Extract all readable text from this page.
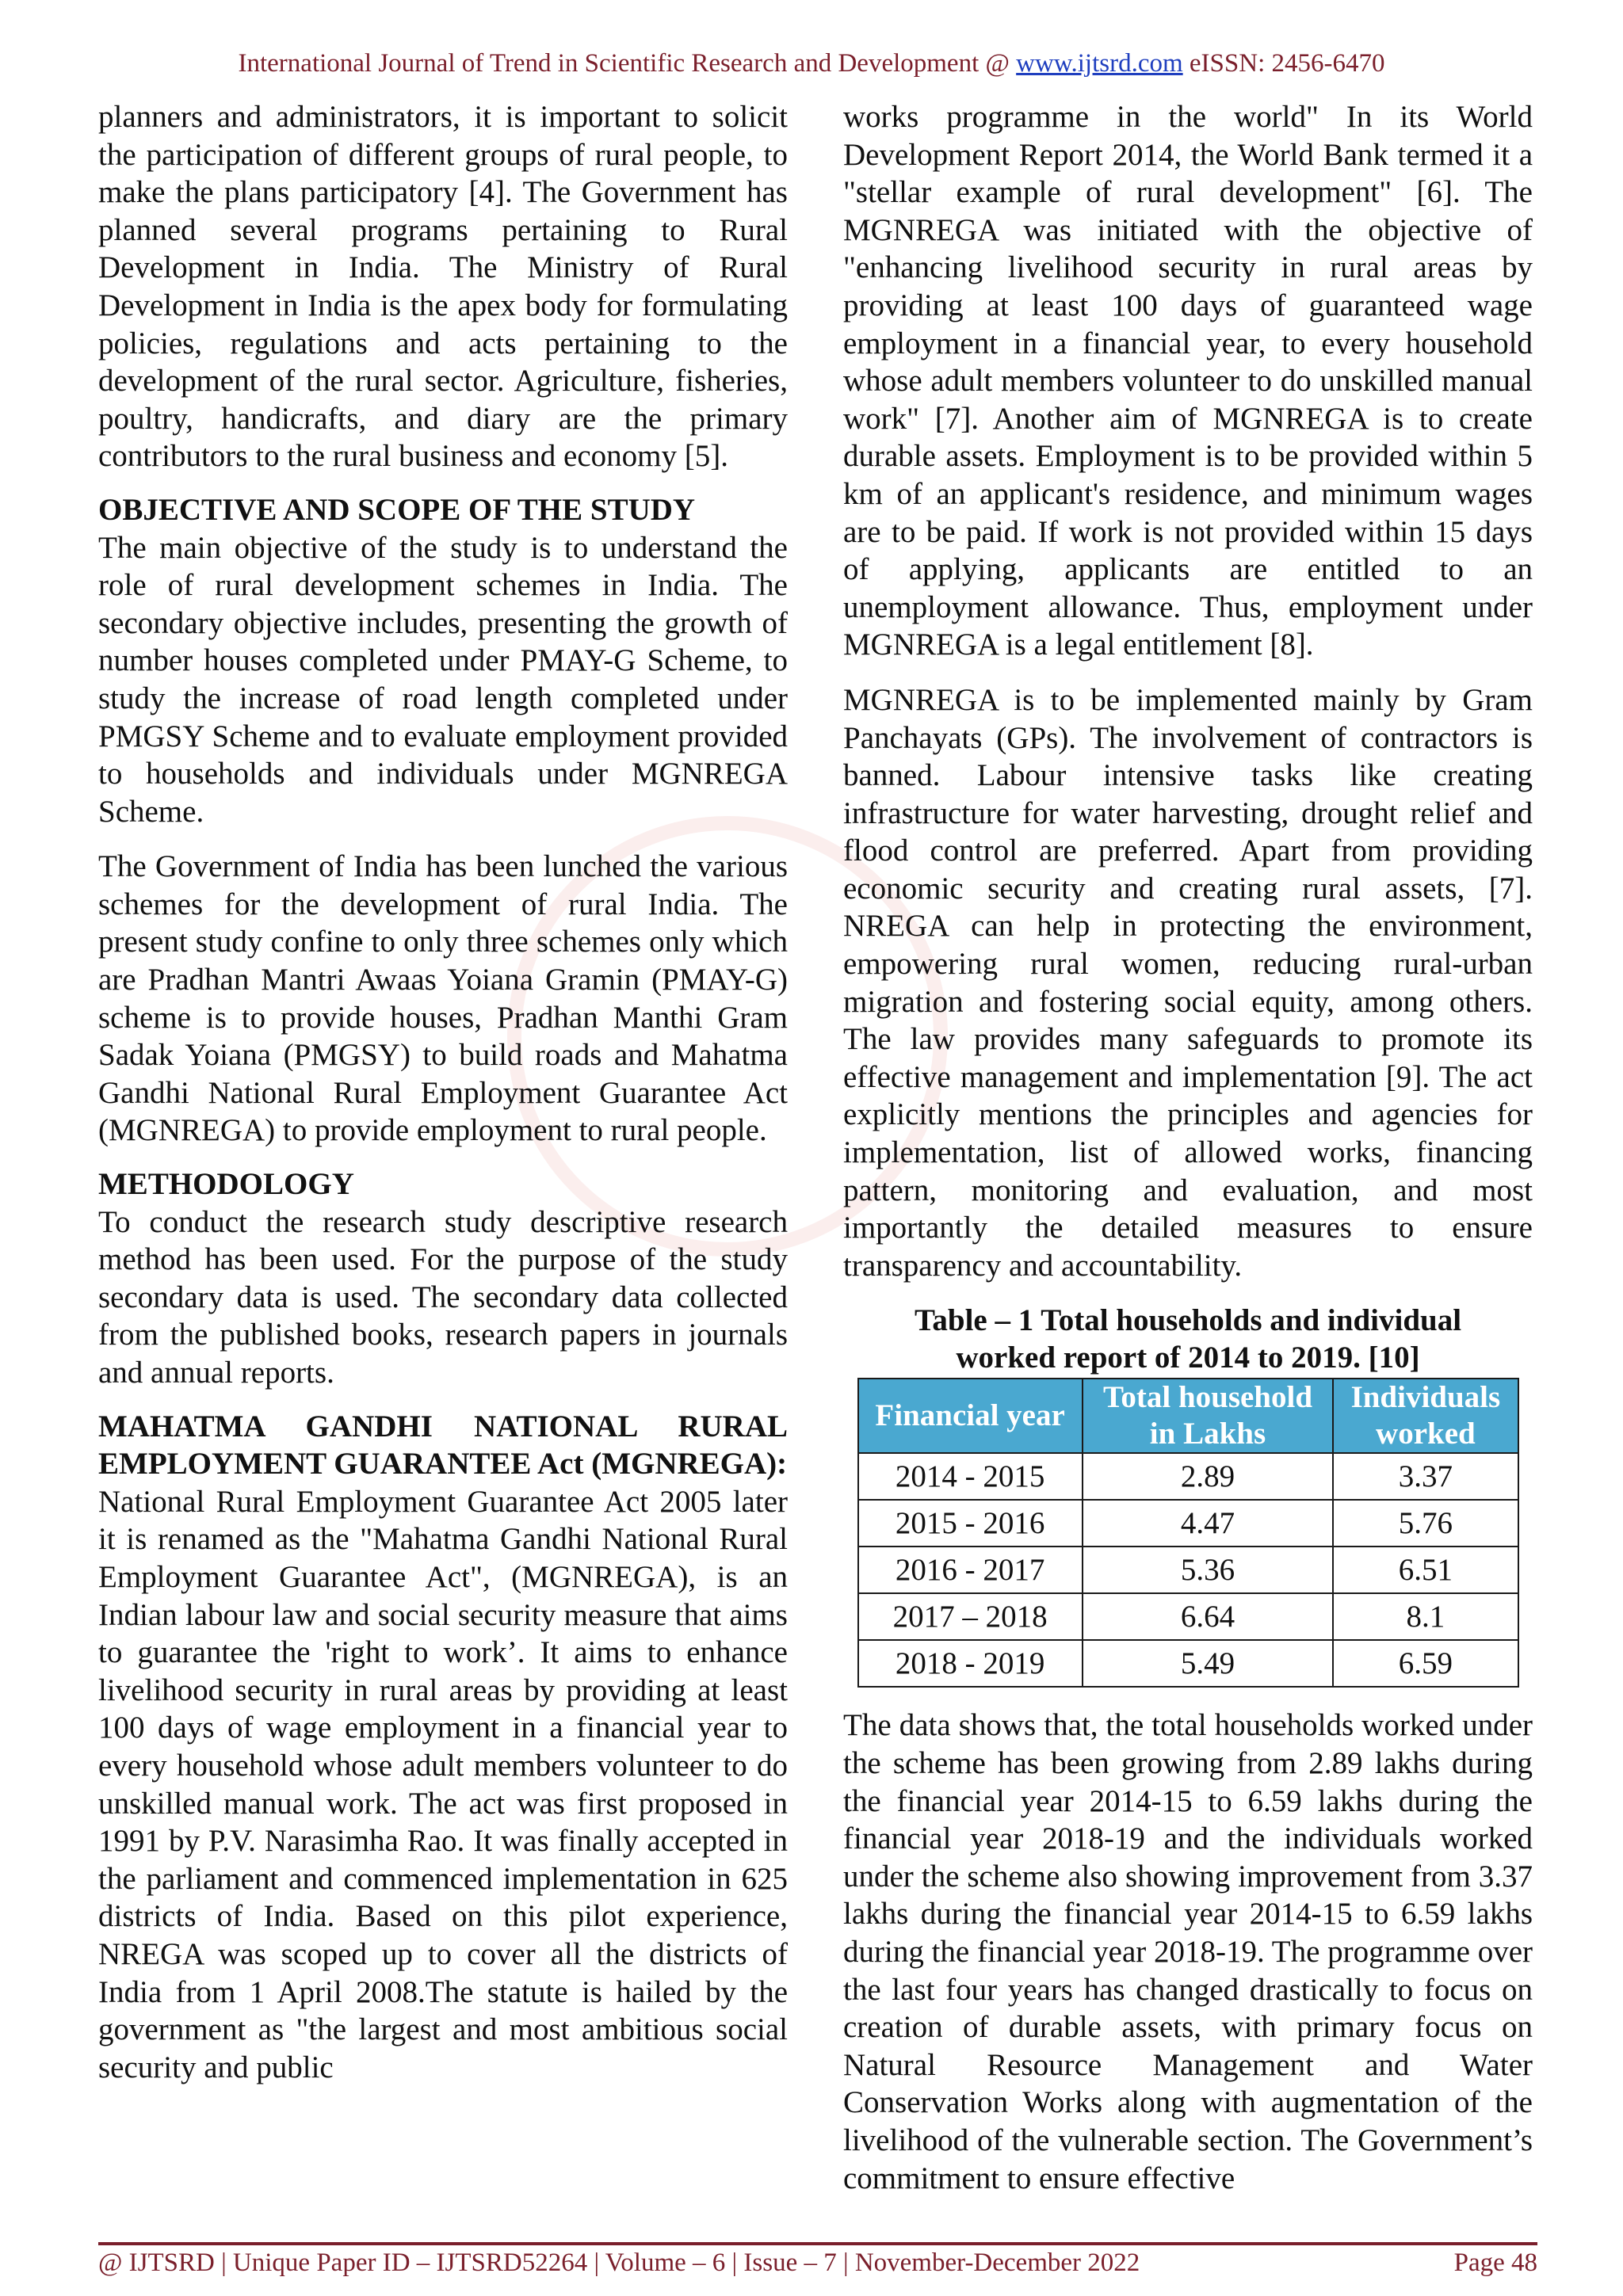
International Journal of Trend in Scientific Research and Development @ www.ijtsrd.com eISSN: 2456-6470

planners and administrators, it is important to solicit the participation of different groups of rural people, to make the plans participatory [4]. The Government has planned several programs pertaining to Rural Development in India. The Ministry of Rural Development in India is the apex body for formulating policies, regulations and acts pertaining to the development of the rural sector. Agriculture, fisheries, poultry, handicrafts, and diary are the primary contributors to the rural business and economy [5].

OBJECTIVE AND SCOPE OF THE STUDY

The main objective of the study is to understand the role of rural development schemes in India. The secondary objective includes, presenting the growth of number houses completed under PMAY-G Scheme, to study the increase of road length completed under PMGSY Scheme and to evaluate employment provided to households and individuals under MGNREGA Scheme.

The Government of India has been lunched the various schemes for the development of rural India. The present study confine to only three schemes only which are Pradhan Mantri Awaas Yoiana Gramin (PMAY-G) scheme is to provide houses, Pradhan Manthi Gram Sadak Yoiana (PMGSY) to build roads and Mahatma Gandhi National Rural Employment Guarantee Act (MGNREGA) to provide employment to rural people.

METHODOLOGY

To conduct the research study descriptive research method has been used. For the purpose of the study secondary data is used. The secondary data collected from the published books, research papers in journals and annual reports.

MAHATMA GANDHI NATIONAL RURAL EMPLOYMENT GUARANTEE Act (MGNREGA):

National Rural Employment Guarantee Act 2005 later it is renamed as the "Mahatma Gandhi National Rural Employment Guarantee Act", (MGNREGA), is an Indian labour law and social security measure that aims to guarantee the 'right to work’. It aims to enhance livelihood security in rural areas by providing at least 100 days of wage employment in a financial year to every household whose adult members volunteer to do unskilled manual work. The act was first proposed in 1991 by P.V. Narasimha Rao. It was finally accepted in the parliament and commenced implementation in 625 districts of India. Based on this pilot experience, NREGA was scoped up to cover all the districts of India from 1 April 2008.The statute is hailed by the government as "the largest and most ambitious social security and public

works programme in the world" In its World Development Report 2014, the World Bank termed it a "stellar example of rural development" [6]. The MGNREGA was initiated with the objective of "enhancing livelihood security in rural areas by providing at least 100 days of guaranteed wage employment in a financial year, to every household whose adult members volunteer to do unskilled manual work" [7]. Another aim of MGNREGA is to create durable assets. Employment is to be provided within 5 km of an applicant's residence, and minimum wages are to be paid. If work is not provided within 15 days of applying, applicants are entitled to an unemployment allowance. Thus, employment under MGNREGA is a legal entitlement [8].

MGNREGA is to be implemented mainly by Gram Panchayats (GPs). The involvement of contractors is banned. Labour intensive tasks like creating infrastructure for water harvesting, drought relief and flood control are preferred. Apart from providing economic security and creating rural assets, [7]. NREGA can help in protecting the environment, empowering rural women, reducing rural-urban migration and fostering social equity, among others. The law provides many safeguards to promote its effective management and implementation [9]. The act explicitly mentions the principles and agencies for implementation, list of allowed works, financing pattern, monitoring and evaluation, and most importantly the detailed measures to ensure transparency and accountability.

Table – 1 Total households and individual
worked report of 2014 to 2019. [10]
Financial year	Total household in Lakhs	Individuals worked
2014 - 2015	2.89	3.37
2015 - 2016	4.47	5.76
2016 - 2017	5.36	6.51
2017 – 2018	6.64	8.1
2018 - 2019	5.49	6.59

The data shows that, the total households worked under the scheme has been growing from 2.89 lakhs during the financial year 2014-15 to 6.59 lakhs during the financial year 2018-19 and the individuals worked under the scheme also showing improvement from 3.37 lakhs during the financial year 2014-15 to 6.59 lakhs during the financial year 2018-19. The programme over the last four years has changed drastically to focus on creation of durable assets, with primary focus on Natural Resource Management and Water Conservation Works along with augmentation of the livelihood of the vulnerable section. The Government’s commitment to ensure effective

@ IJTSRD | Unique Paper ID – IJTSRD52264 | Volume – 6 | Issue – 7 | November-December 2022	Page 48
